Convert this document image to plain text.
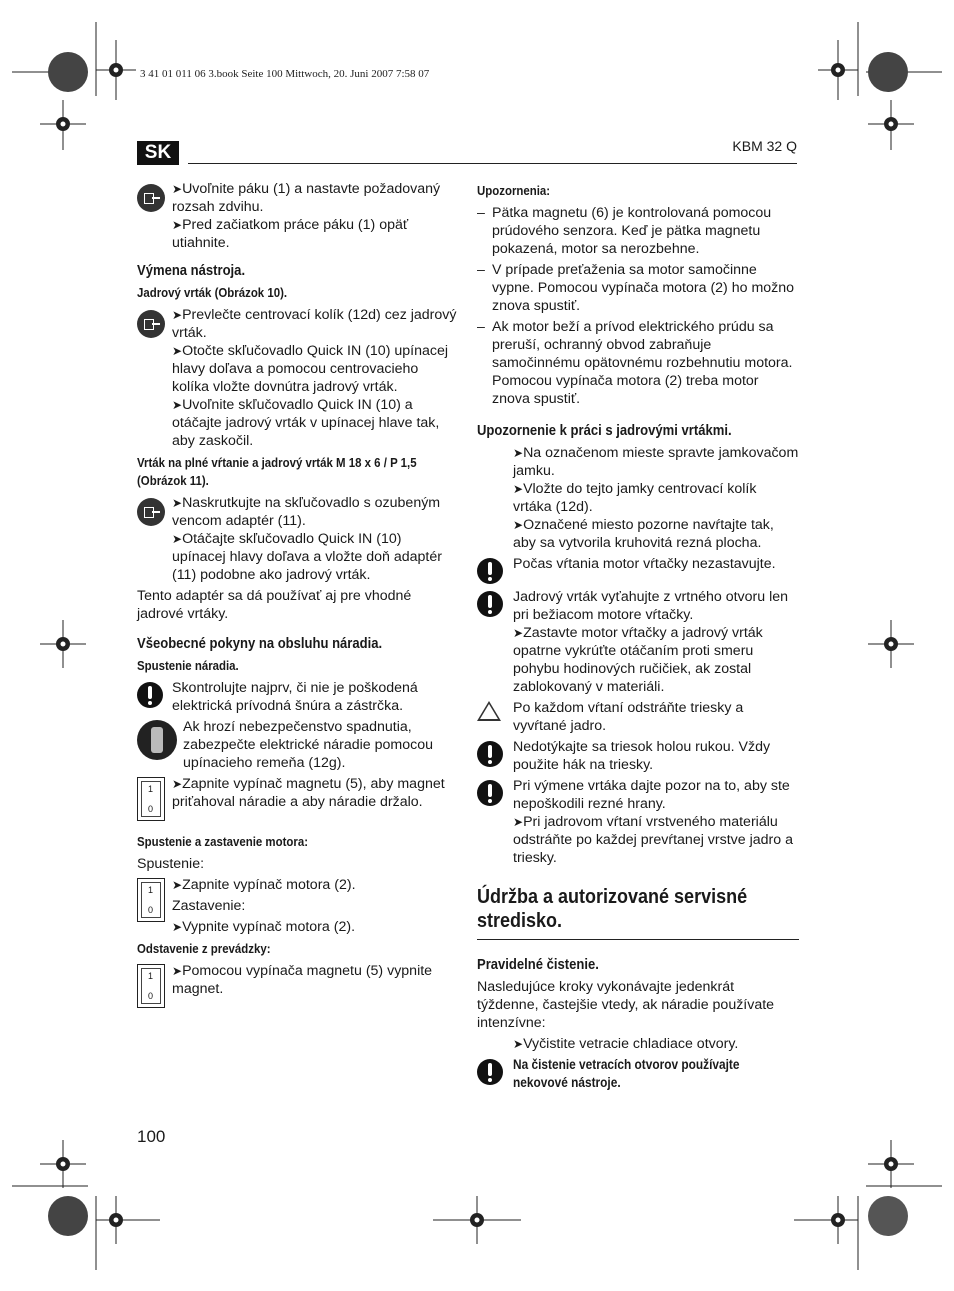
3 41 01 011 06 3.book Seite 100 Mittwoch, 20. Juni 2007 7:58 07
SK	KBM 32 Q
100
➤ Uvoľnite páku (1) a nastavte požadovaný rozsah zdvihu.
➤ Pred začiatkom práce páku (1) opäť utiahnite.
Výmena nástroja.
Jadrový vrták (Obrázok 10).
➤ Prevlečte centrovací kolík (12d) cez jadrový vrták.
➤ Otočte skľučovadlo Quick IN (10) upínacej hlavy doľava a pomocou centrovacieho kolíka vložte dovnútra jadrový vrták.
➤ Uvoľnite skľučovadlo Quick IN (10) a otáčajte jadrový vrták v upínacej hlave tak, aby zaskočil.
Vrták na plné vŕtanie a jadrový vrták M 18 x 6 / P 1,5 (Obrázok 11).
➤ Naskrutkujte na skľučovadlo s ozubeným vencom adaptér (11).
➤ Otáčajte skľučovadlo Quick IN (10) upínacej hlavy doľava a vložte doň adaptér (11) podobne ako jadrový vrták.
Tento adaptér sa dá používať aj pre vhodné jadrové vrtáky.
Všeobecné pokyny na obsluhu náradia.
Spustenie náradia.
Skontrolujte najprv, či nie je poškodená elektrická prívodná šnúra a zástrčka.
Ak hrozí nebezpečenstvo spadnutia, zabezpečte elektrické náradie pomocou upínacieho remeňa (12g).
1
0
➤ Zapnite vypínač magnetu (5), aby magnet priťahoval náradie a aby náradie držalo.
Spustenie a zastavenie motora:
Spustenie:
1
0
➤ Zapnite vypínač motora (2).
Zastavenie:
➤ Vypnite vypínač motora (2).
Odstavenie z prevádzky:
1
0
➤ Pomocou vypínača magnetu (5) vypnite magnet.
Upozornenia:
– Pätka magnetu (6) je kontrolovaná pomocou prúdového senzora. Keď je pätka magnetu pokazená, motor sa nerozbehne.
– V prípade preťaženia sa motor samočinne vypne. Pomocou vypínača motora (2) ho možno znova spustiť.
– Ak motor beží a prívod elektrického prúdu sa preruší, ochranný obvod zabraňuje samočinnému opätovnému rozbehnutiu motora. Pomocou vypínača motora (2) treba motor znova spustiť.
Upozornenie k práci s jadrovými vrtákmi.
➤ Na označenom mieste spravte jamkovačom jamku.
➤ Vložte do tejto jamky centrovací kolík vrtáka (12d).
➤ Označené miesto pozorne navŕtajte tak, aby sa vytvorila kruhovitá rezná plocha.
Počas vŕtania motor vŕtačky nezastavujte.
Jadrový vrták vyťahujte z vrtného otvoru len pri bežiacom motore vŕtačky.
➤ Zastavte motor vŕtačky a jadrový vrták opatrne vykrúťte otáčaním proti smeru pohybu hodinových ručičiek, ak zostal zablokovaný v materiáli.
Po každom vŕtaní odstráňte triesky a vyvŕtané jadro.
Nedotýkajte sa triesok holou rukou. Vždy použite hák na triesky.
Pri výmene vrtáka dajte pozor na to, aby ste nepoškodili rezné hrany.
➤ Pri jadrovom vŕtaní vrstveného materiálu odstráňte po každej prevŕtanej vrstve jadro a triesky.
Údržba a autorizované servisné stredisko.
Pravidelné čistenie.
Nasledujúce kroky vykonávajte jedenkrát týždenne, častejšie vtedy, ak náradie používate intenzívne:
➤ Vyčistite vetracie chladiace otvory.
Na čistenie vetracích otvorov používajte nekovové nástroje.
